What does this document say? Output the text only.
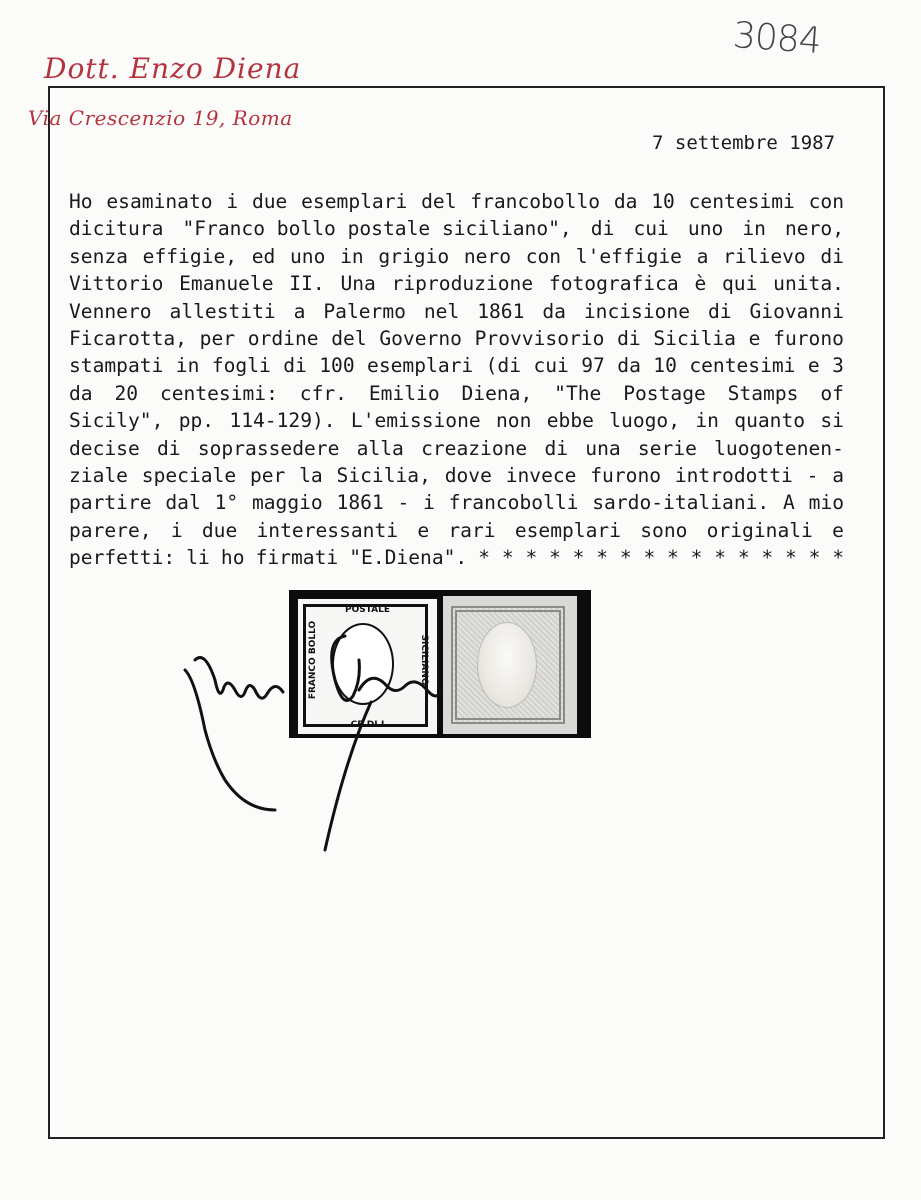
Dott. Enzo Diena
Via Crescenzio 19, Roma
3084
7 settembre 1987
Ho esaminato i due esemplari del francobollo da 10 centesimi con
dicitura "Franco bollo postale siciliano", di cui uno in nero,
senza effigie, ed uno in grigio nero con l'effigie a rilievo di
Vittorio Emanuele II. Una riproduzione fotografica è qui unita.
Vennero allestiti a Palermo nel 1861 da incisione di Giovanni
Ficarotta, per ordine del Governo Provvisorio di Sicilia e furono
stampati in fogli di 100 esemplari (di cui 97 da 10 centesimi e 3
da 20 centesimi: cfr. Emilio Diena, "The Postage Stamps of
Sicily", pp. 114-129). L'emissione non ebbe luogo, in quanto si
decise di soprassedere alla creazione di una serie luogotenen-
ziale speciale per la Sicilia, dove invece furono introdotti - a
partire dal 1° maggio 1861 - i francobolli sardo-italiani. A mio
parere, i due interessanti e rari esemplari sono originali e
perfetti: li ho firmati "E.Diena". * * * * * * * * * * * * * * * *
POSTALE
FRANCO BOLLO	SICILIANO
CE.DI.I
